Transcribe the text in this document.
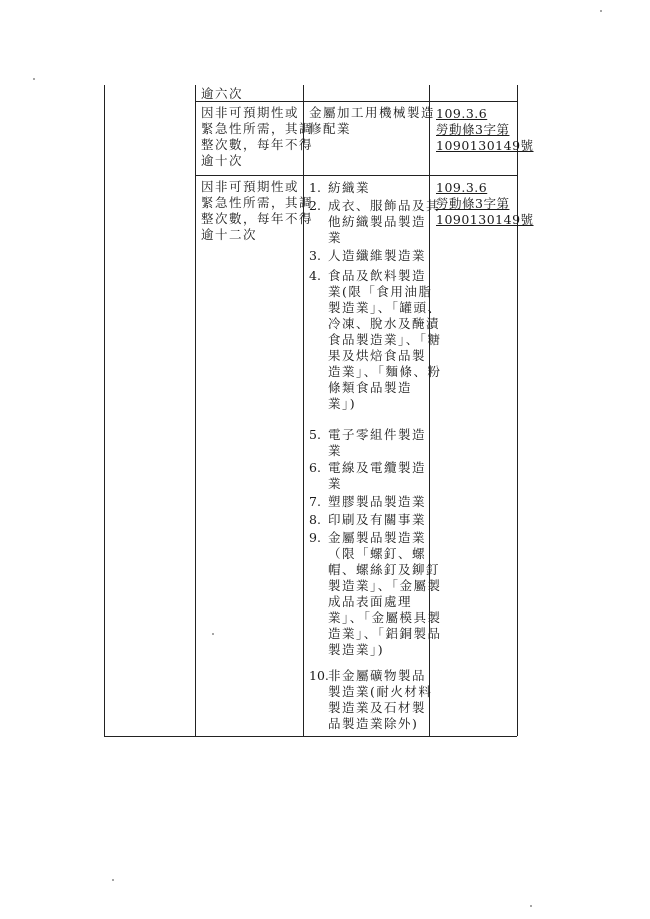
逾六次
因非可預期性或
緊急性所需，其調
整次數，每年不得
逾十次
金屬加工用機械製造
修配業
109.3.6
勞動條3字第
1090130149號
因非可預期性或
緊急性所需，其調
整次數，每年不得
逾十二次
109.3.6
勞動條3字第
1090130149號
1. 紡織業
2. 成衣、服飾品及其
他紡織製品製造
業
3. 人造纖維製造業
4. 食品及飲料製造
業(限「食用油脂
製造業」、「罐頭、
冷凍、脫水及醃漬
食品製造業」、「糖
果及烘焙食品製
造業」、「麵條、粉
條類食品製造
業」)
5. 電子零組件製造
業
6. 電線及電纜製造
業
7. 塑膠製品製造業
8. 印刷及有關事業
9. 金屬製品製造業
（限「螺釘、螺
帽、螺絲釘及鉚釘
製造業」、「金屬製
成品表面處理
業」、「金屬模具製
造業」、「鋁銅製品
製造業」)
10. 非金屬礦物製品
製造業(耐火材料
製造業及石材製
品製造業除外)
